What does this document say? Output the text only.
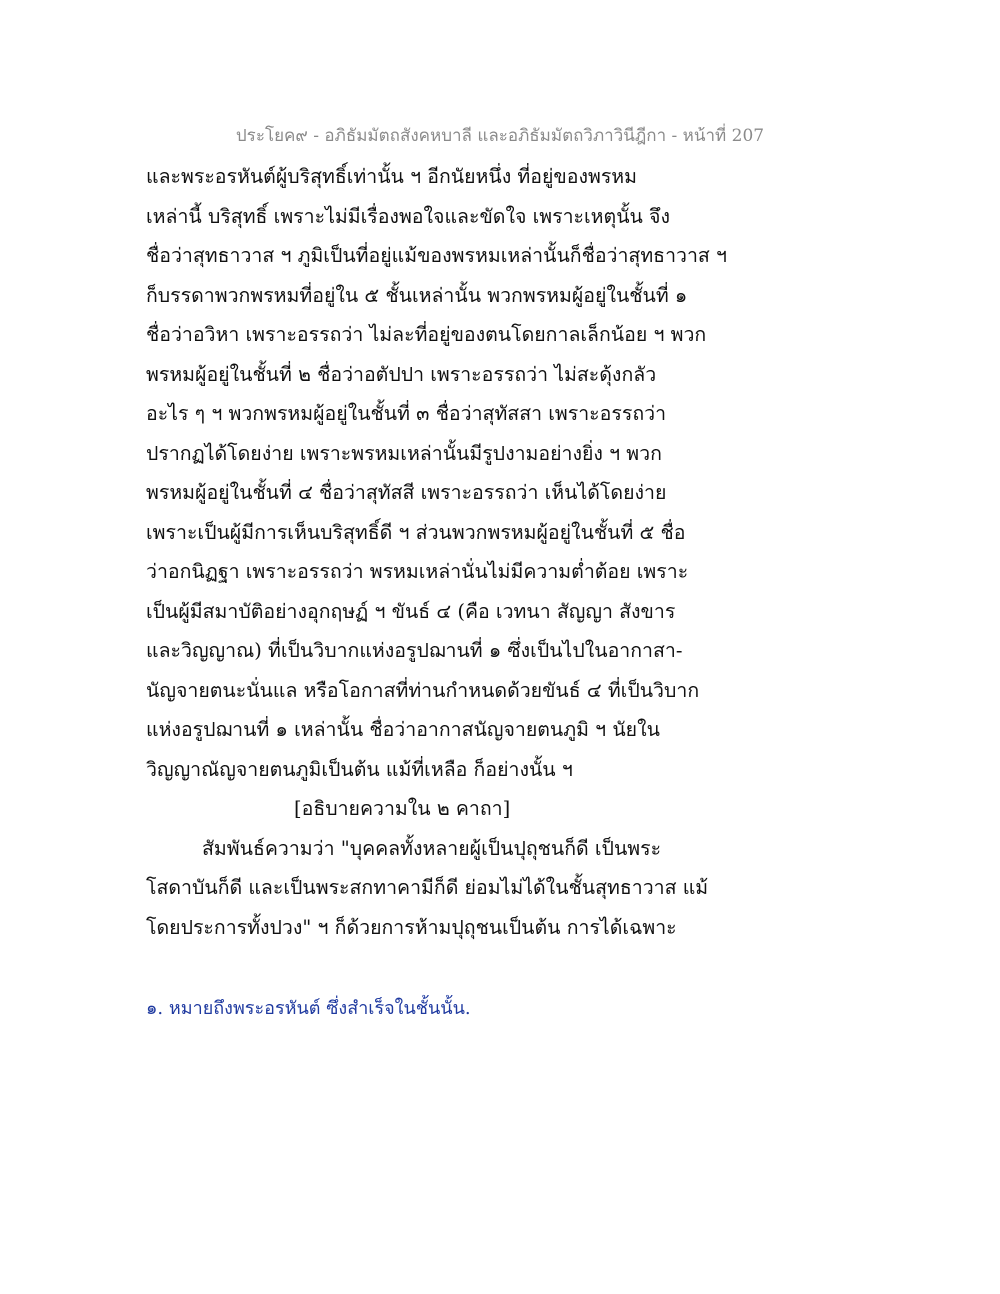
ประโยค๙ - อภิธัมมัตถสังคหบาลี และอภิธัมมัตถวิภาวินีฎีกา - หน้าที่ 207
และพระอรหันต์ผู้บริสุทธิ์เท่านั้น ฯ อีกนัยหนึ่ง ที่อยู่ของพรหม
เหล่านี้ บริสุทธิ์ เพราะไม่มีเรื่องพอใจและขัดใจ เพราะเหตุนั้น จึง
ชื่อว่าสุทธาวาส ฯ ภูมิเป็นที่อยู่แม้ของพรหมเหล่านั้นก็ชื่อว่าสุทธาวาส ฯ
ก็บรรดาพวกพรหมที่อยู่ใน ๕ ชั้นเหล่านั้น พวกพรหมผู้อยู่ในชั้นที่ ๑
ชื่อว่าอวิหา เพราะอรรถว่า ไม่ละที่อยู่ของตนโดยกาลเล็กน้อย ฯ พวก
พรหมผู้อยู่ในชั้นที่ ๒ ชื่อว่าอตัปปา เพราะอรรถว่า ไม่สะดุ้งกลัว
อะไร ๆ ฯ พวกพรหมผู้อยู่ในชั้นที่ ๓ ชื่อว่าสุทัสสา เพราะอรรถว่า
ปรากฏได้โดยง่าย เพราะพรหมเหล่านั้นมีรูปงามอย่างยิ่ง ฯ พวก
พรหมผู้อยู่ในชั้นที่ ๔ ชื่อว่าสุทัสสี เพราะอรรถว่า เห็นได้โดยง่าย
เพราะเป็นผู้มีการเห็นบริสุทธิ์ดี ฯ ส่วนพวกพรหมผู้อยู่ในชั้นที่ ๕ ชื่อ
ว่าอกนิฏฐา เพราะอรรถว่า พรหมเหล่านั่นไม่มีความต่ำต้อย เพราะ
เป็นผู้มีสมาบัติอย่างอุกฤษฏ์ ฯ ขันธ์ ๔ (คือ เวทนา สัญญา สังขาร
และวิญญาณ) ที่เป็นวิบากแห่งอรูปฌานที่ ๑ ซึ่งเป็นไปในอากาสา-
นัญจายตนะนั่นแล หรือโอกาสที่ท่านกำหนดด้วยขันธ์ ๔ ที่เป็นวิบาก
แห่งอรูปฌานที่ ๑ เหล่านั้น ชื่อว่าอากาสนัญจายตนภูมิ ฯ นัยใน
วิญญาณัญจายตนภูมิเป็นต้น แม้ที่เหลือ ก็อย่างนั้น ฯ
[อธิบายความใน ๒ คาถา]
สัมพันธ์ความว่า "บุคคลทั้งหลายผู้เป็นปุถุชนก็ดี เป็นพระ
โสดาบันก็ดี และเป็นพระสกทาคามีก็ดี ย่อมไม่ได้ในชั้นสุทธาวาส แม้
โดยประการทั้งปวง" ฯ ก็ด้วยการห้ามปุถุชนเป็นต้น การได้เฉพาะ
๑. หมายถึงพระอรหันต์ ซึ่งสำเร็จในชั้นนั้น.
